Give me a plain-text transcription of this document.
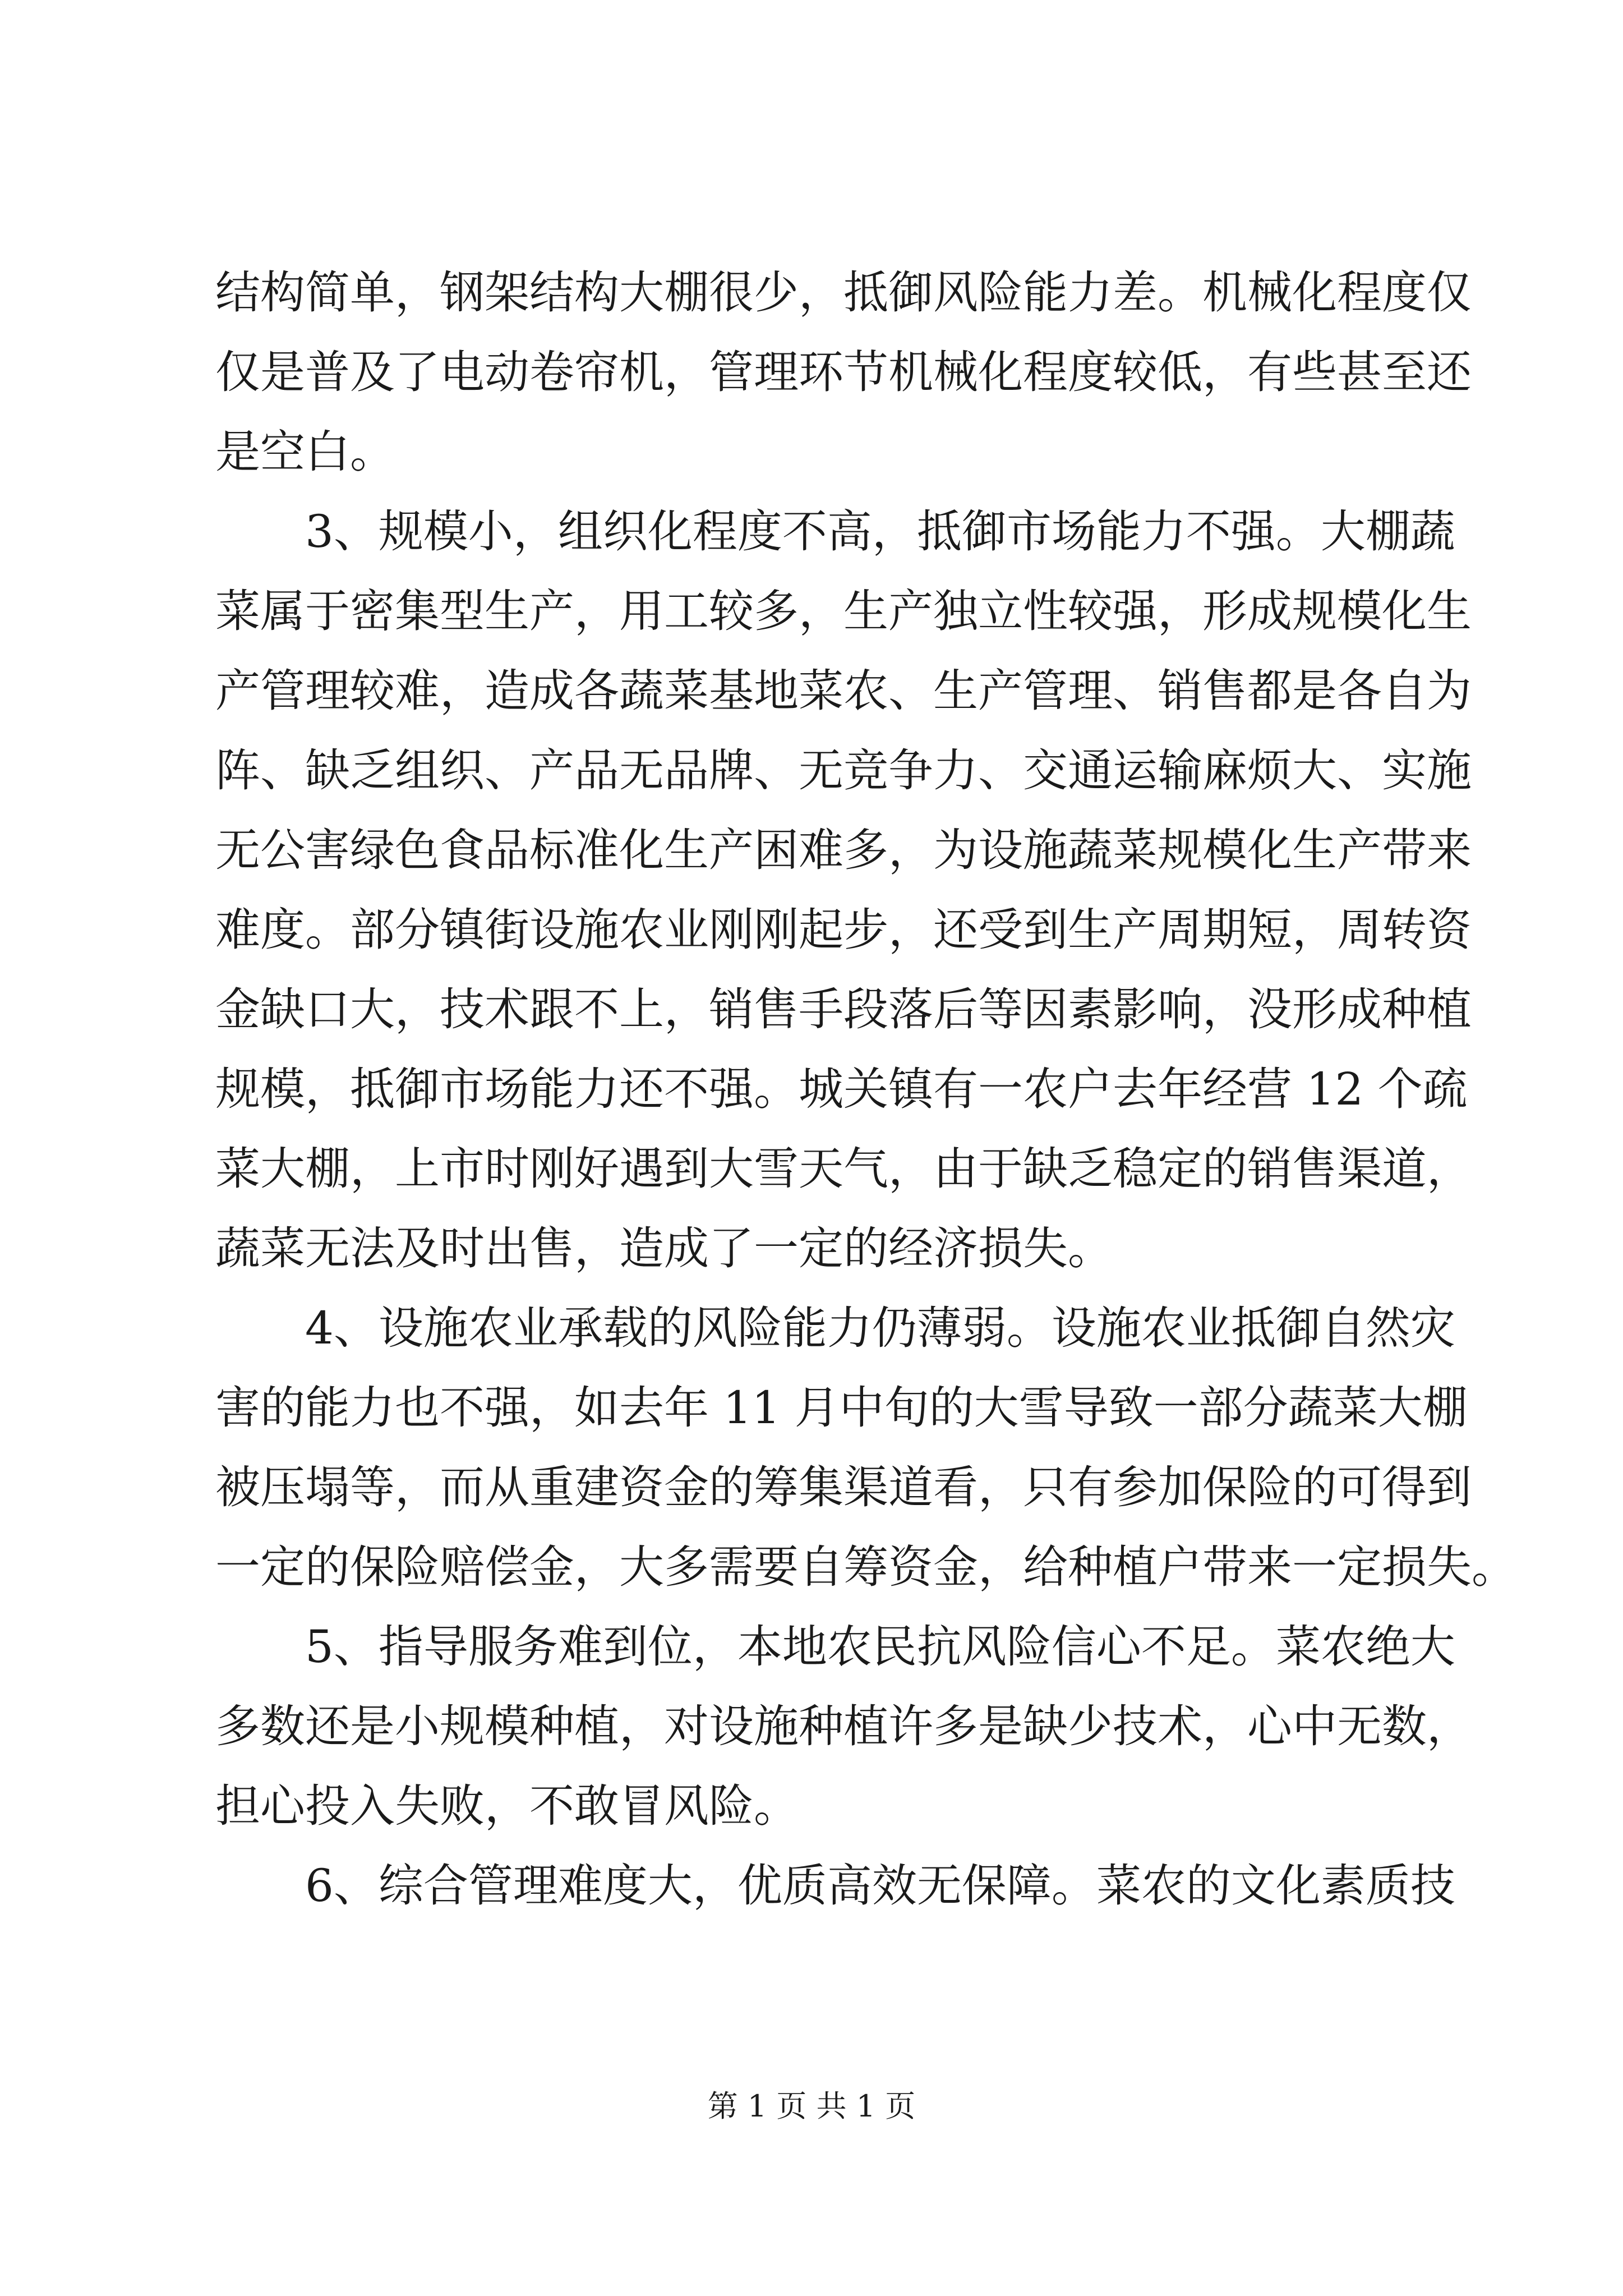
结构简单，钢架结构大棚很少，抵御风险能力差。机械化程度仅
仅是普及了电动卷帘机，管理环节机械化程度较低，有些甚至还
是空白。
3、规模小，组织化程度不高，抵御市场能力不强。大棚蔬
菜属于密集型生产，用工较多，生产独立性较强，形成规模化生
产管理较难，造成各蔬菜基地菜农、生产管理、销售都是各自为
阵、缺乏组织、产品无品牌、无竞争力、交通运输麻烦大、实施
无公害绿色食品标准化生产困难多，为设施蔬菜规模化生产带来
难度。部分镇街设施农业刚刚起步，还受到生产周期短，周转资
金缺口大，技术跟不上，销售手段落后等因素影响，没形成种植
规模，抵御市场能力还不强。城关镇有一农户去年经营 12 个疏
菜大棚，上市时刚好遇到大雪天气，由于缺乏稳定的销售渠道，
蔬菜无法及时出售，造成了一定的经济损失。
4、设施农业承载的风险能力仍薄弱。设施农业抵御自然灾
害的能力也不强，如去年 11 月中旬的大雪导致一部分蔬菜大棚
被压塌等，而从重建资金的筹集渠道看，只有参加保险的可得到
一定的保险赔偿金，大多需要自筹资金，给种植户带来一定损失。
5、指导服务难到位，本地农民抗风险信心不足。菜农绝大
多数还是小规模种植，对设施种植许多是缺少技术，心中无数，
担心投入失败，不敢冒风险。
6、综合管理难度大，优质高效无保障。菜农的文化素质技
第 1 页 共 1 页
